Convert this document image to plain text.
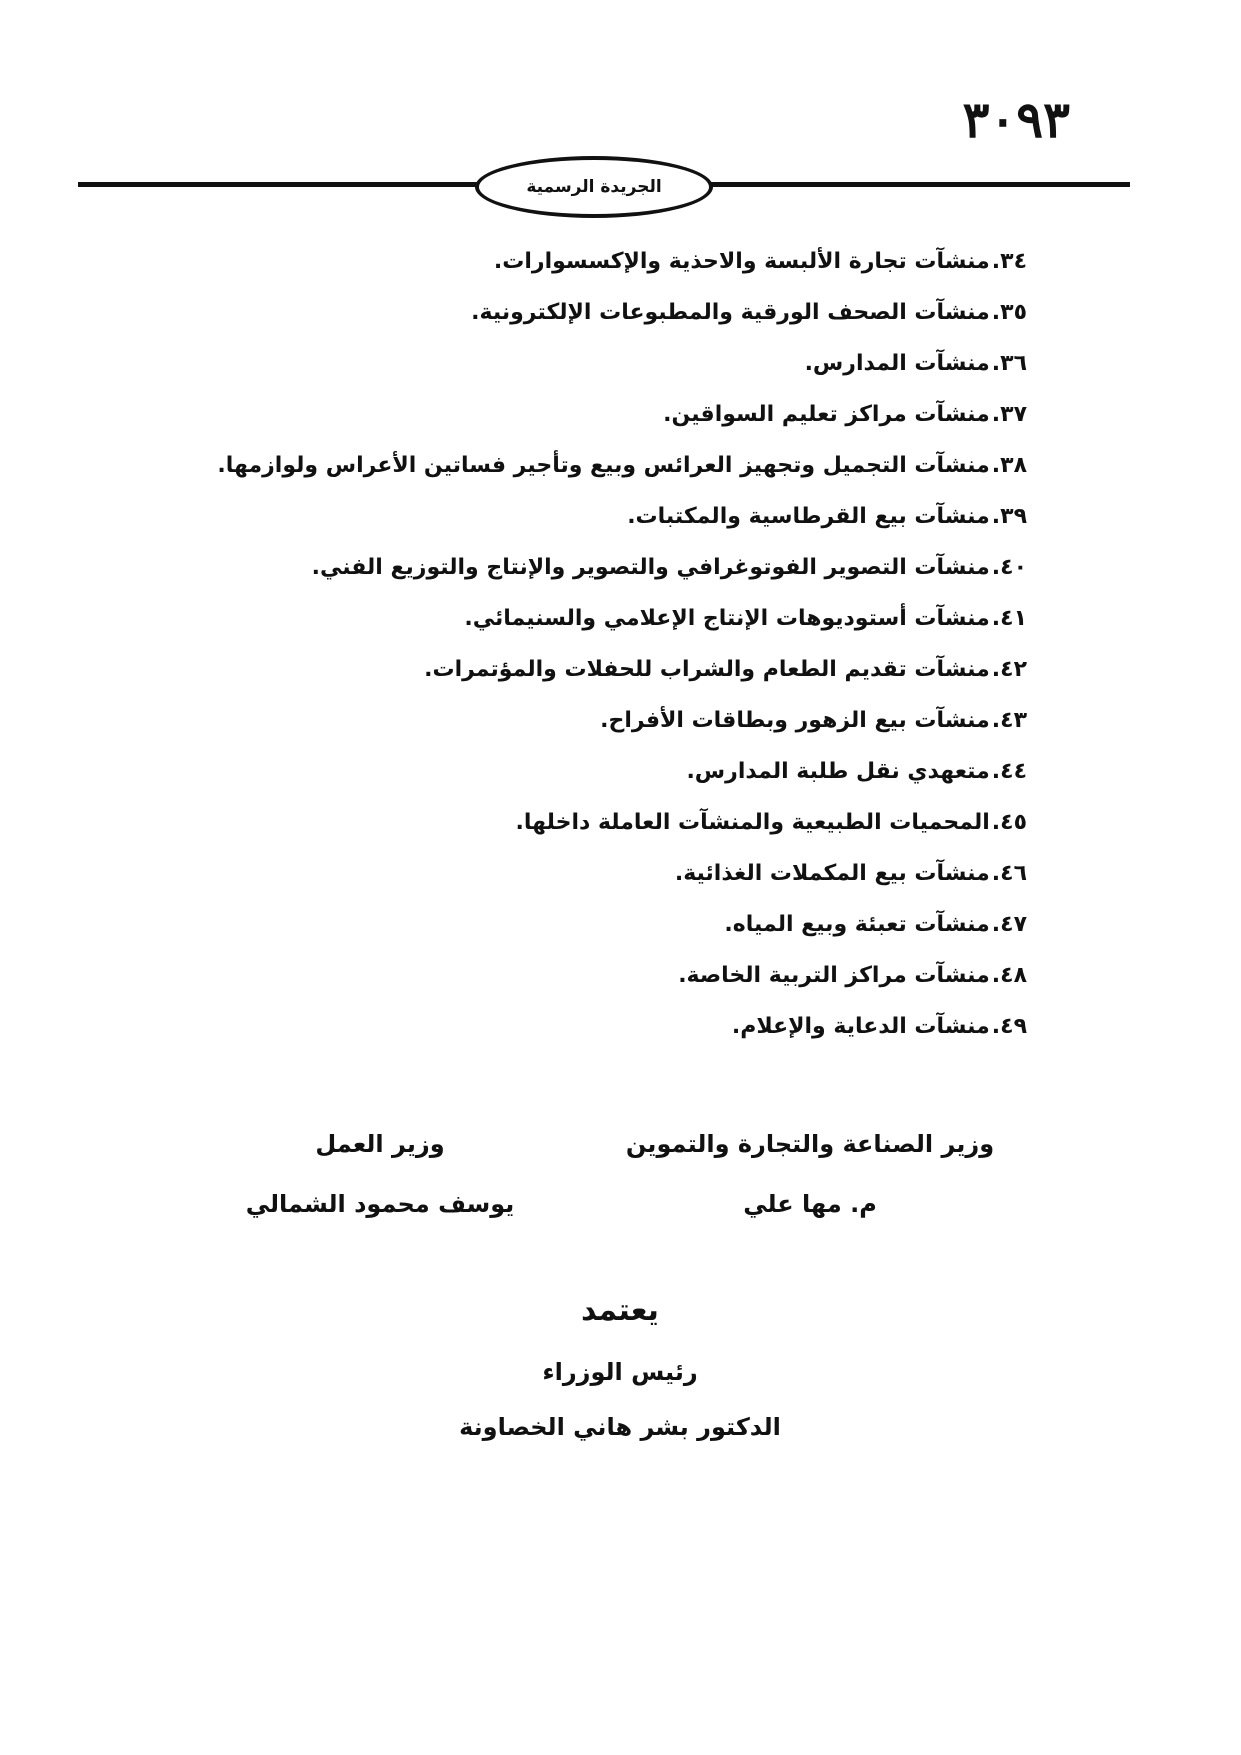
٣٠٩٣
الجريدة الرسمية
٣٤.منشآت تجارة الألبسة والاحذية والإكسسوارات.
٣٥.منشآت الصحف الورقية والمطبوعات الإلكترونية.
٣٦.منشآت المدارس.
٣٧.منشآت مراكز تعليم السواقين.
٣٨.منشآت التجميل وتجهيز العرائس وبيع وتأجير فساتين الأعراس ولوازمها.
٣٩.منشآت بيع القرطاسية والمكتبات.
٤٠.منشآت التصوير الفوتوغرافي والتصوير والإنتاج والتوزيع الفني.
٤١.منشآت أستوديوهات الإنتاج الإعلامي والسنيمائي.
٤٢.منشآت تقديم الطعام والشراب للحفلات والمؤتمرات.
٤٣.منشآت بيع الزهور وبطاقات الأفراح.
٤٤.متعهدي نقل طلبة المدارس.
٤٥.المحميات الطبيعية والمنشآت العاملة داخلها.
٤٦.منشآت بيع المكملات الغذائية.
٤٧.منشآت تعبئة وبيع المياه.
٤٨.منشآت مراكز التربية الخاصة.
٤٩.منشآت الدعاية والإعلام.
وزير الصناعة والتجارة والتموين
م. مها علي
وزير العمل
يوسف محمود الشمالي
يعتمد
رئيس الوزراء
الدكتور بشر هاني الخصاونة
